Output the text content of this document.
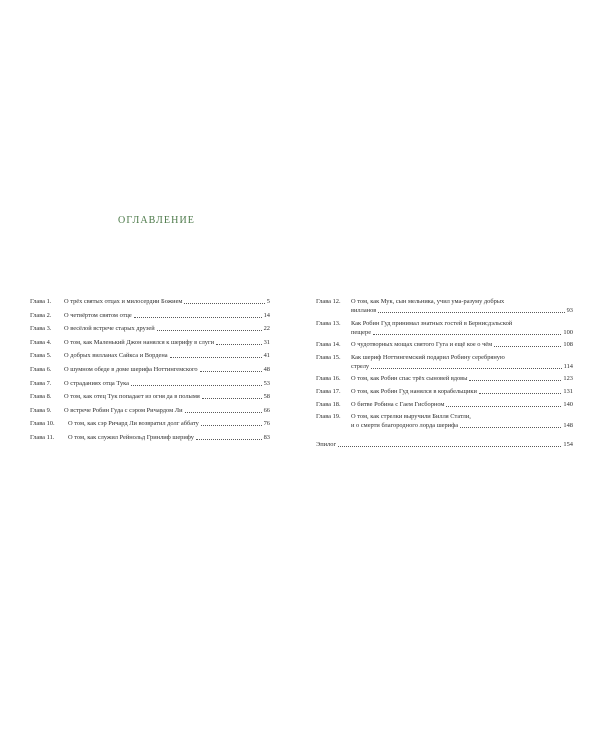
ОГЛАВЛЕНИЕ
Глава 1.	О трёх святых отцах и милосердии Божием	5
Глава 2.	О четвёртом святом отце	14
Глава 3.	О весёлой встрече старых друзей	22
Глава 4.	О том, как Маленький Джон нанялся к шерифу в слуги	31
Глава 5.	О добрых вилланах Сайкса и Вордена	41
Глава 6.	О шумном обеде в доме шерифа Ноттингемского	48
Глава 7.	О страданиях отца Тука	53
Глава 8.	О том, как отец Тук попадает из огня да в полымя	58
Глава 9.	О встрече Робин Гуда с сэром Ричардом Ли	66
Глава 10.	О том, как сэр Ричард Ли возвратил долг аббату	76
Глава 11.	О том, как служил Рейнольд Гринлиф шерифу	83
Глава 12.	О том, как Мук, сын мельника, учил ума-разуму добрых
вилланов	93
Глава 13.	Как Робин Гуд принимал знатных гостей в Бернисдэльской
пещере	100
Глава 14.	О чудотворных мощах святого Гуга и ещё кое о чём	108
Глава 15.	Как шериф Ноттингемский подарил Робину серебряную
стрелу	114
Глава 16.	О том, как Робин спас трёх сыновей вдовы	123
Глава 17.	О том, как Робин Гуд нанялся в корабельщики	131
Глава 18.	О битве Робина с Гаем Гисборном	140
Глава 19.	О том, как стрелки выручили Билля Статли,
и о смерти благородного лорда шерифа	148
Эпилог	154
